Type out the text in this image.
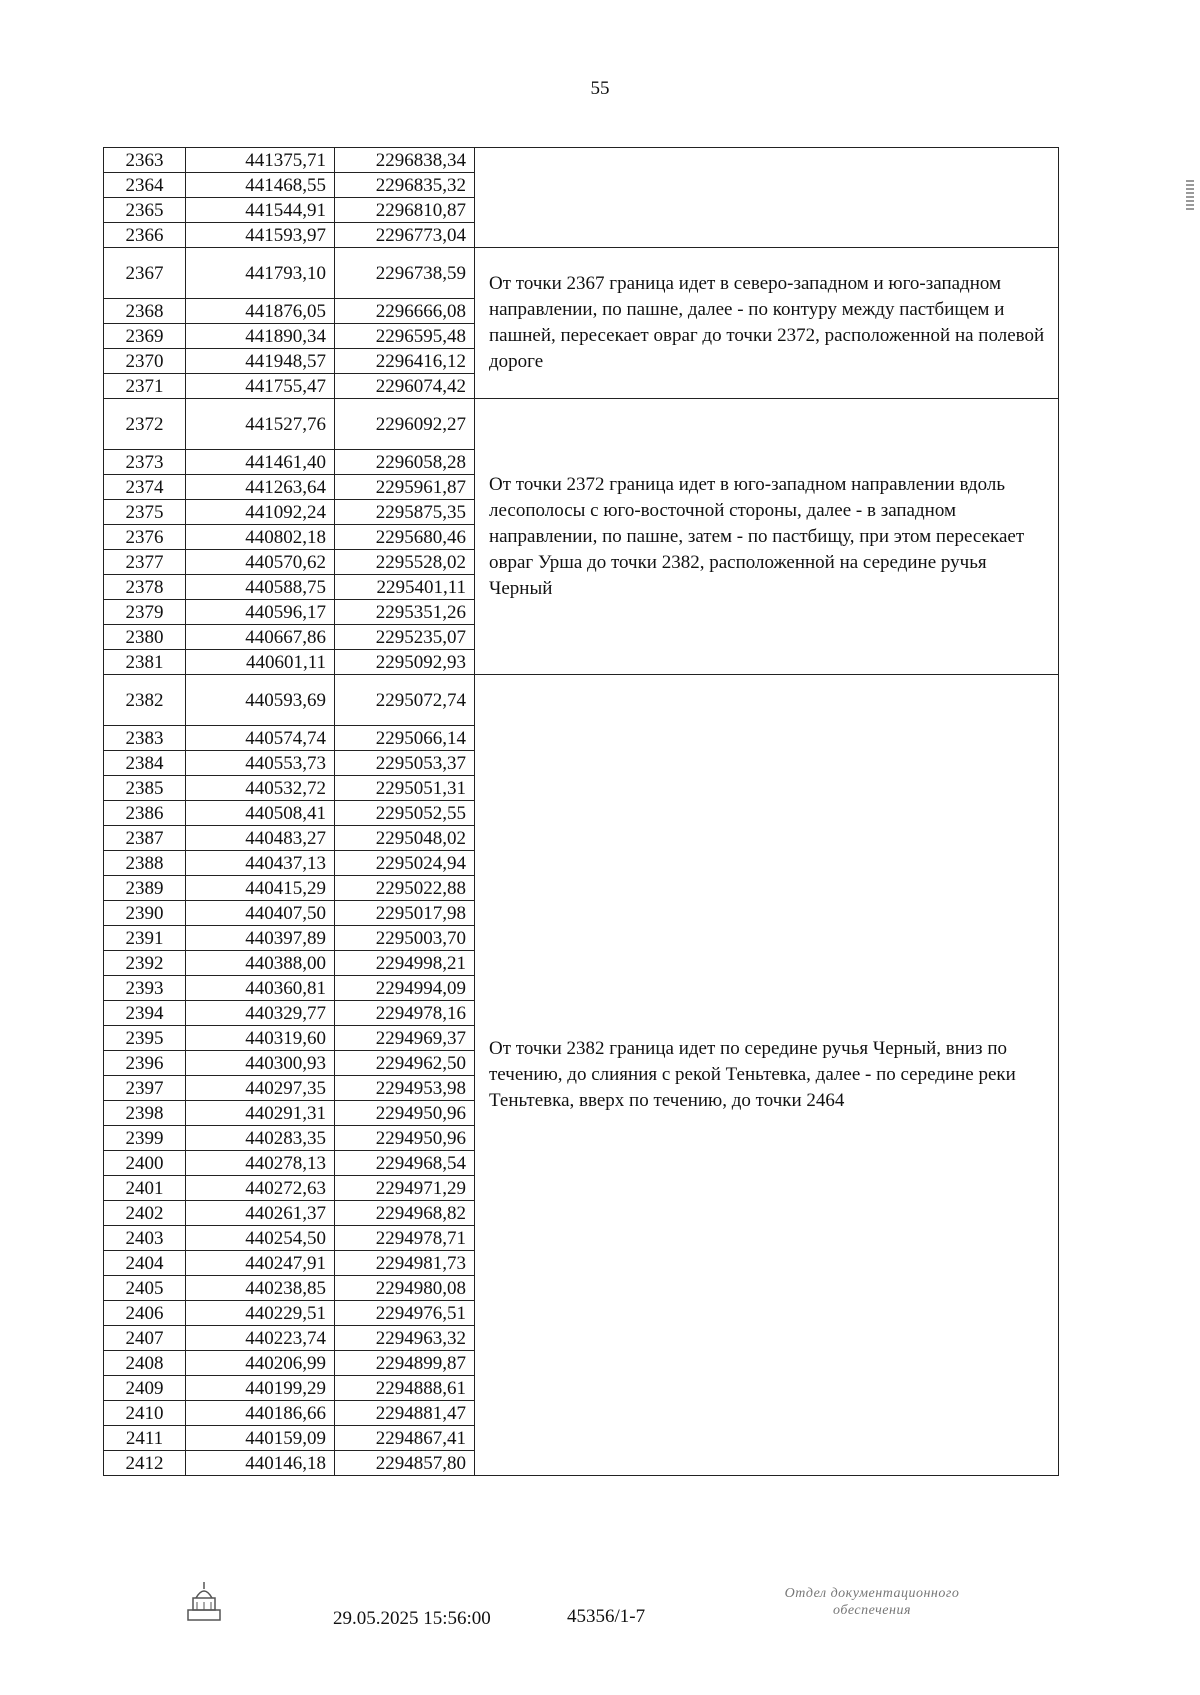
55
2363	441375,71	2296838,34	
2364	441468,55	2296835,32	
2365	441544,91	2296810,87	
2366	441593,97	2296773,04	
2367	441793,10	2296738,59	От точки 2367 граница идет в северо-западном и юго-западном направлении, по пашне, далее - по контуру между пастбищем и пашней, пересекает овраг до точки 2372, расположенной на полевой дороге
2368	441876,05	2296666,08	
2369	441890,34	2296595,48	
2370	441948,57	2296416,12	
2371	441755,47	2296074,42	
2372	441527,76	2296092,27	От точки 2372 граница идет в юго-западном направлении вдоль лесополосы с юго-восточной стороны, далее - в западном направлении, по пашне, затем - по пастбищу, при этом пересекает овраг Урша до точки 2382, расположенной на середине ручья Черный
2373	441461,40	2296058,28	
2374	441263,64	2295961,87	
2375	441092,24	2295875,35	
2376	440802,18	2295680,46	
2377	440570,62	2295528,02	
2378	440588,75	2295401,11	
2379	440596,17	2295351,26	
2380	440667,86	2295235,07	
2381	440601,11	2295092,93	
2382	440593,69	2295072,74	От точки 2382 граница идет по середине ручья Черный, вниз по течению, до слияния с рекой Теньтевка, далее - по середине реки Теньтевка, вверх по течению, до точки 2464
2383	440574,74	2295066,14	
2384	440553,73	2295053,37	
2385	440532,72	2295051,31	
2386	440508,41	2295052,55	
2387	440483,27	2295048,02	
2388	440437,13	2295024,94	
2389	440415,29	2295022,88	
2390	440407,50	2295017,98	
2391	440397,89	2295003,70	
2392	440388,00	2294998,21	
2393	440360,81	2294994,09	
2394	440329,77	2294978,16	
2395	440319,60	2294969,37	
2396	440300,93	2294962,50	
2397	440297,35	2294953,98	
2398	440291,31	2294950,96	
2399	440283,35	2294950,96	
2400	440278,13	2294968,54	
2401	440272,63	2294971,29	
2402	440261,37	2294968,82	
2403	440254,50	2294978,71	
2404	440247,91	2294981,73	
2405	440238,85	2294980,08	
2406	440229,51	2294976,51	
2407	440223,74	2294963,32	
2408	440206,99	2294899,87	
2409	440199,29	2294888,61	
2410	440186,66	2294881,47	
2411	440159,09	2294867,41	
2412	440146,18	2294857,80	
29.05.2025 15:56:00	45356/1-7
Отдел документационного
обеспечения
